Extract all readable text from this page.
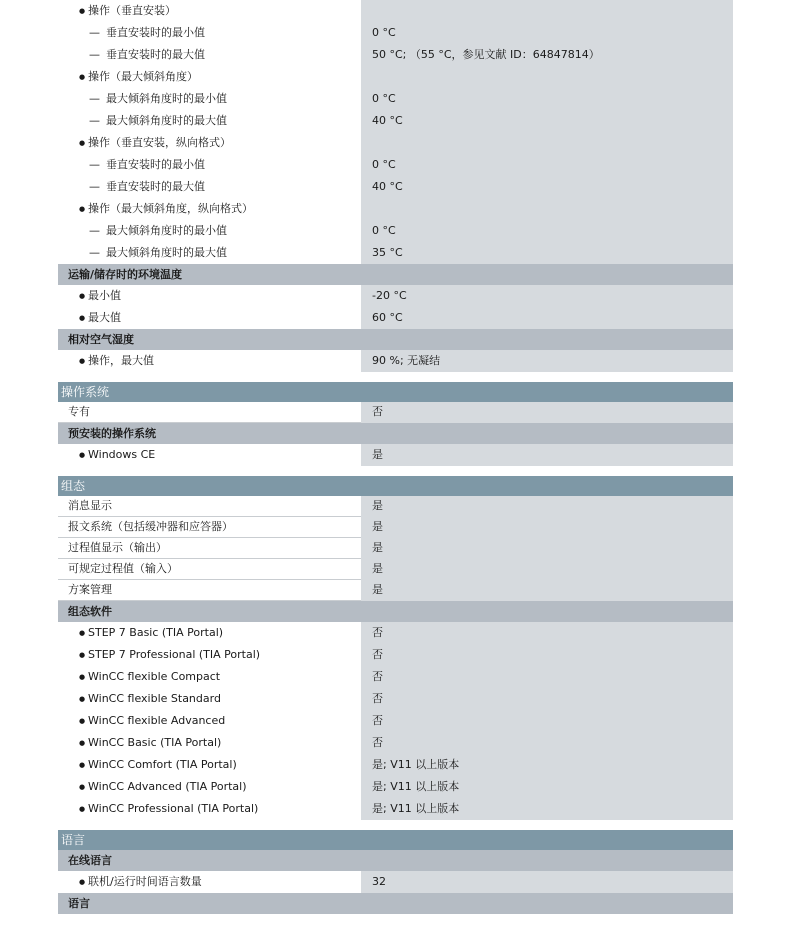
● 操作（垂直安装）
— 垂直安装时的最小值	0 °C
— 垂直安装时的最大值	50 °C; （55 °C，参见文献 ID：64847814）
● 操作（最大倾斜角度）
— 最大倾斜角度时的最小值	0 °C
— 最大倾斜角度时的最大值	40 °C
● 操作（垂直安装，纵向格式）
— 垂直安装时的最小值	0 °C
— 垂直安装时的最大值	40 °C
● 操作（最大倾斜角度，纵向格式）
— 最大倾斜角度时的最小值	0 °C
— 最大倾斜角度时的最大值	35 °C
运输/储存时的环境温度
● 最小值	-20 °C
● 最大值	60 °C
相对空气湿度
● 操作，最大值	90 %; 无凝结
操作系统
专有	否
预安装的操作系统
● Windows CE	是
组态
消息显示	是
报文系统（包括缓冲器和应答器）	是
过程值显示（输出）	是
可规定过程值（输入）	是
方案管理	是
组态软件
● STEP 7 Basic (TIA Portal)	否
● STEP 7 Professional (TIA Portal)	否
● WinCC flexible Compact	否
● WinCC flexible Standard	否
● WinCC flexible Advanced	否
● WinCC Basic (TIA Portal)	否
● WinCC Comfort (TIA Portal)	是; V11 以上版本
● WinCC Advanced (TIA Portal)	是; V11 以上版本
● WinCC Professional (TIA Portal)	是; V11 以上版本
语言
在线语言
● 联机/运行时间语言数量	32
语言
